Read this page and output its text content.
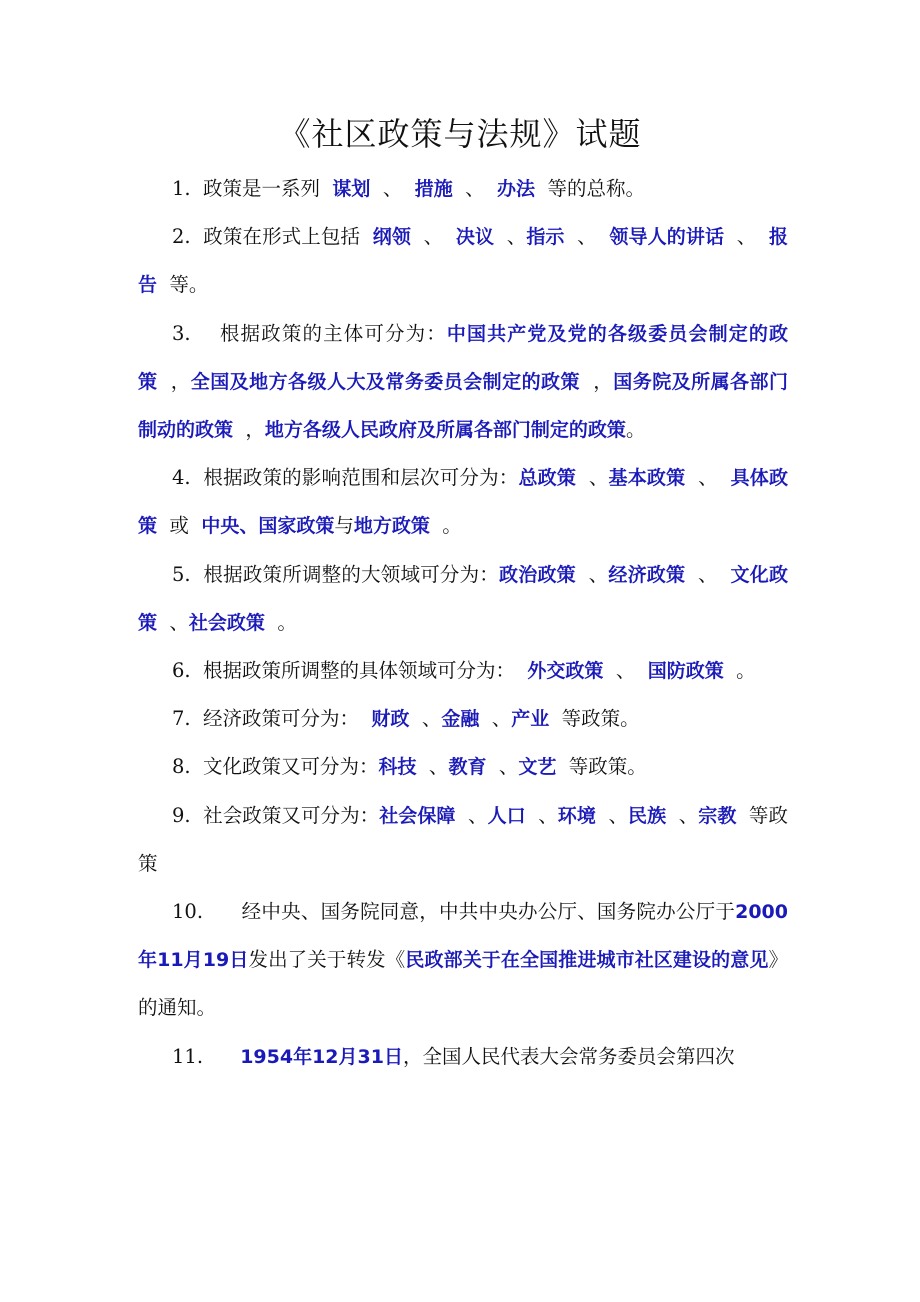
《社区政策与法规》试题

1.  政策是一系列  谋划  、  措施  、  办法  等的总称。

2.  政策在形式上包括  纲领  、  决议  、指示  、  领导人的讲话  、  报告  等。

3.    根据政策的主体可分为：中国共产党及党的各级委员会制定的政策  ，全国及地方各级人大及常务委员会制定的政策  ，国务院及所属各部门制动的政策  ，地方各级人民政府及所属各部门制定的政策。

4.  根据政策的影响范围和层次可分为：总政策  、基本政策  、  具体政策  或  中央、国家政策与地方政策  。

5.  根据政策所调整的大领域可分为：政治政策  、经济政策  、  文化政策  、社会政策  。

6.  根据政策所调整的具体领域可分为：  外交政策  、  国防政策  。

7.  经济政策可分为：  财政  、金融  、产业  等政策。

8.  文化政策又可分为：科技  、教育  、文艺  等政策。

9.  社会政策又可分为：社会保障  、人口  、环境  、民族  、宗教  等政策

10.      经中央、国务院同意，中共中央办公厅、国务院办公厅于2000年11月19日发出了关于转发《民政部关于在全国推进城市社区建设的意见》的通知。

11.      1954年12月31日，全国人民代表大会常务委员会第四次
